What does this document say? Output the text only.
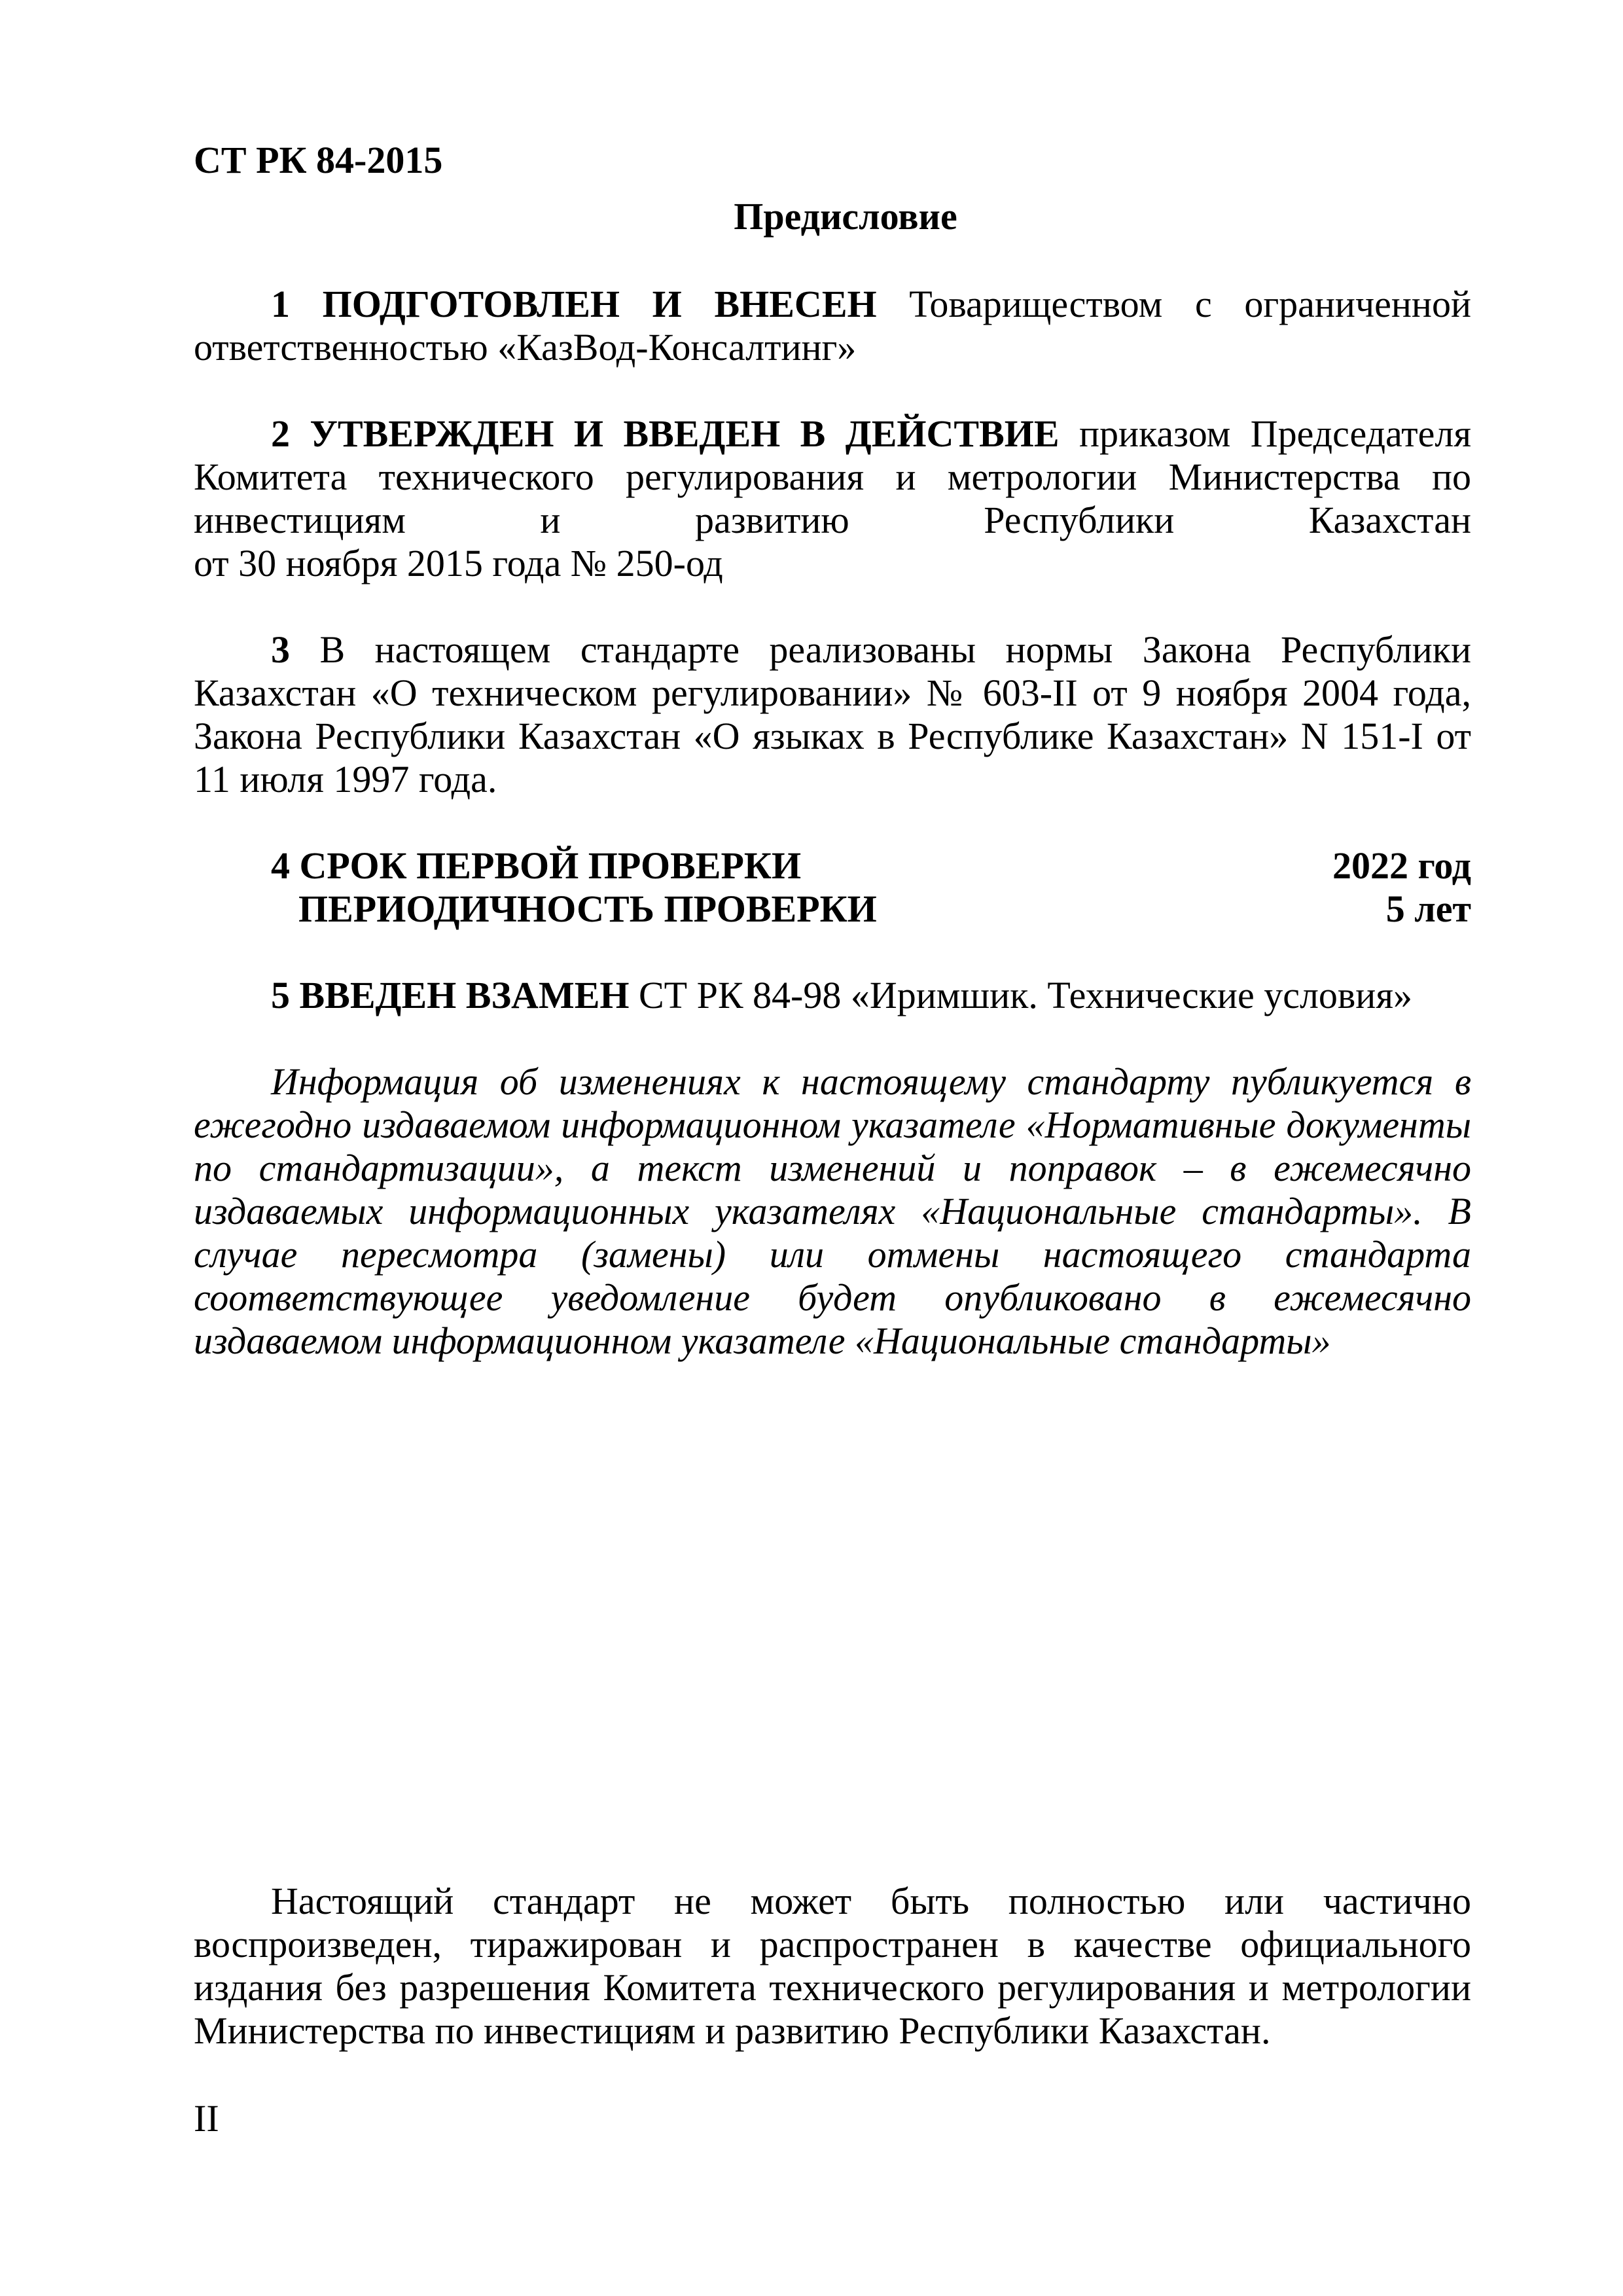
СТ РК 84-2015
Предисловие

1 ПОДГОТОВЛЕН И ВНЕСЕН Товариществом с ограниченной ответственностью «КазВод-Консалтинг»

2 УТВЕРЖДЕН И ВВЕДЕН В ДЕЙСТВИЕ приказом Председателя Комитета технического регулирования и метрологии Министерства по инвестициям и развитию Республики Казахстан

от 30 ноября 2015 года № 250-од

3 В настоящем стандарте реализованы нормы Закона Республики Казахстан «О техническом регулировании» № 603-II от 9 ноября 2004 года, Закона Республики Казахстан «О языках в Республике Казахстан» N 151-I от 11 июля 1997 года.

4 СРОК ПЕРВОЙ ПРОВЕРКИ	2022 год
ПЕРИОДИЧНОСТЬ ПРОВЕРКИ	5 лет

5 ВВЕДЕН ВЗАМЕН СТ РК 84-98 «Иримшик. Технические условия»

Информация об изменениях к настоящему стандарту публикуется в ежегодно издаваемом информационном указателе «Нормативные документы по стандартизации», а текст изменений и поправок – в ежемесячно издаваемых информационных указателях «Национальные стандарты». В случае пересмотра (замены) или отмены настоящего стандарта соответствующее уведомление будет опубликовано в ежемесячно издаваемом информационном указателе «Национальные стандарты»

Настоящий стандарт не может быть полностью или частично воспроизведен, тиражирован и распространен в качестве официального издания без разрешения Комитета технического регулирования и метрологии Министерства по инвестициям и развитию Республики Казахстан.

II
